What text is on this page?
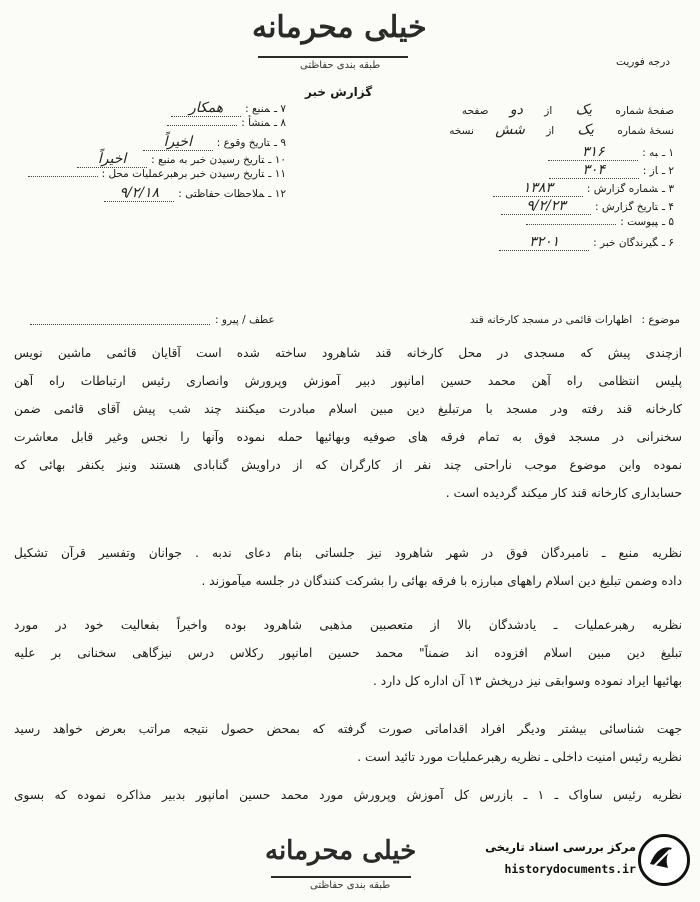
خیلی محرمانه
طبقه بندی حفاظتی	درجه فوریت
گزارش خبر
صفحهٔ شماره یک از دو صفحه
نسخهٔ شماره یک از شش نسخه
۱ ـبه :۳۱۶
۲ ـاز :۳۰۴
۳ ـشماره گزارش :۱۳۸۳
۴ ـتاریخ گزارش :۹/۲/۲۳
۵ ـپیوست :
۶ ـگیرندگان خبر :۳۲۰۱
۷ ـمنبع :همکار
۸ ـمنشأ :
۹ ـتاریخ وقوع :اخیراً
۱۰ ـتاریخ رسیدن خبر به منبع :اخیراً
۱۱ ـتاریخ رسیدن خبر برهبرعملیات محل :
۱۲ ـملاحظات حفاظتی :۹/۲/۱۸
موضوع : اظهارات قائمی در مسجد کارخانه قند
عطف / پیرو :
ازچندی پیش که مسجدی در محل کارخانه قند شاهرود ساخته شده است آقایان قائمی ماشین نویس
پلیس انتظامی راه آهن محمد حسین امانپور دبیر آموزش وپرورش وانصاری رئیس ارتباطات راه آهن
کارخانه قند رفته ودر مسجد با مرتبلیغ دین مبین اسلام مبادرت میکنند چند شب پیش آقای قائمی ضمن
سخنرانی در مسجد فوق به تمام فرقه های صوفیه وبهائیها حمله نموده وآنها را نجس وغیر قابل معاشرت
نموده واین موضوع موجب ناراحتی چند نفر از کارگران که از دراویش گنابادی هستند ونیز یکنفر بهائی که
حسابداری کارخانه قند کار میکند گردیده است .
نظریه منبع ـ نامبردگان فوق در شهر شاهرود نیز جلساتی بنام دعای ندبه . جوانان وتفسیر قرآن تشکیل
داده وضمن تبلیغ دین اسلام راههای مبارزه با فرقه بهائی را بشرکت کنندگان در جلسه میآموزند .
نظریه رهبرعملیات ـ یادشدگان بالا از متعصبین مذهبی شاهرود بوده واخیراً بفعالیت خود در مورد
تبلیغ دین مبین اسلام افزوده اند ضمناً" محمد حسین امانپور رکلاس درس نیزگاهی سخنانی بر علیه
بهائیها ایراد نموده وسوابقی نیز درپخش ۱۳ آن اداره کل دارد .
جهت شناسائی بیشتر ودیگر افراد اقداماتی صورت گرفته که بمحض حصول نتیجه مراتب بعرض خواهد رسید
نظریه رئیس امنیت داخلی ـ نظریه رهبرعملیات مورد تائید است .
نظریه رئیس ساواک ـ ۱ ـ بازرس کل آموزش وپرورش مورد محمد حسین امانپور بدبیر مذاکره نموده که بسوی
خیلی محرمانه
طبقه بندی حفاظتی
مرکز بررسی اسناد تاریخی
historydocuments.ir
